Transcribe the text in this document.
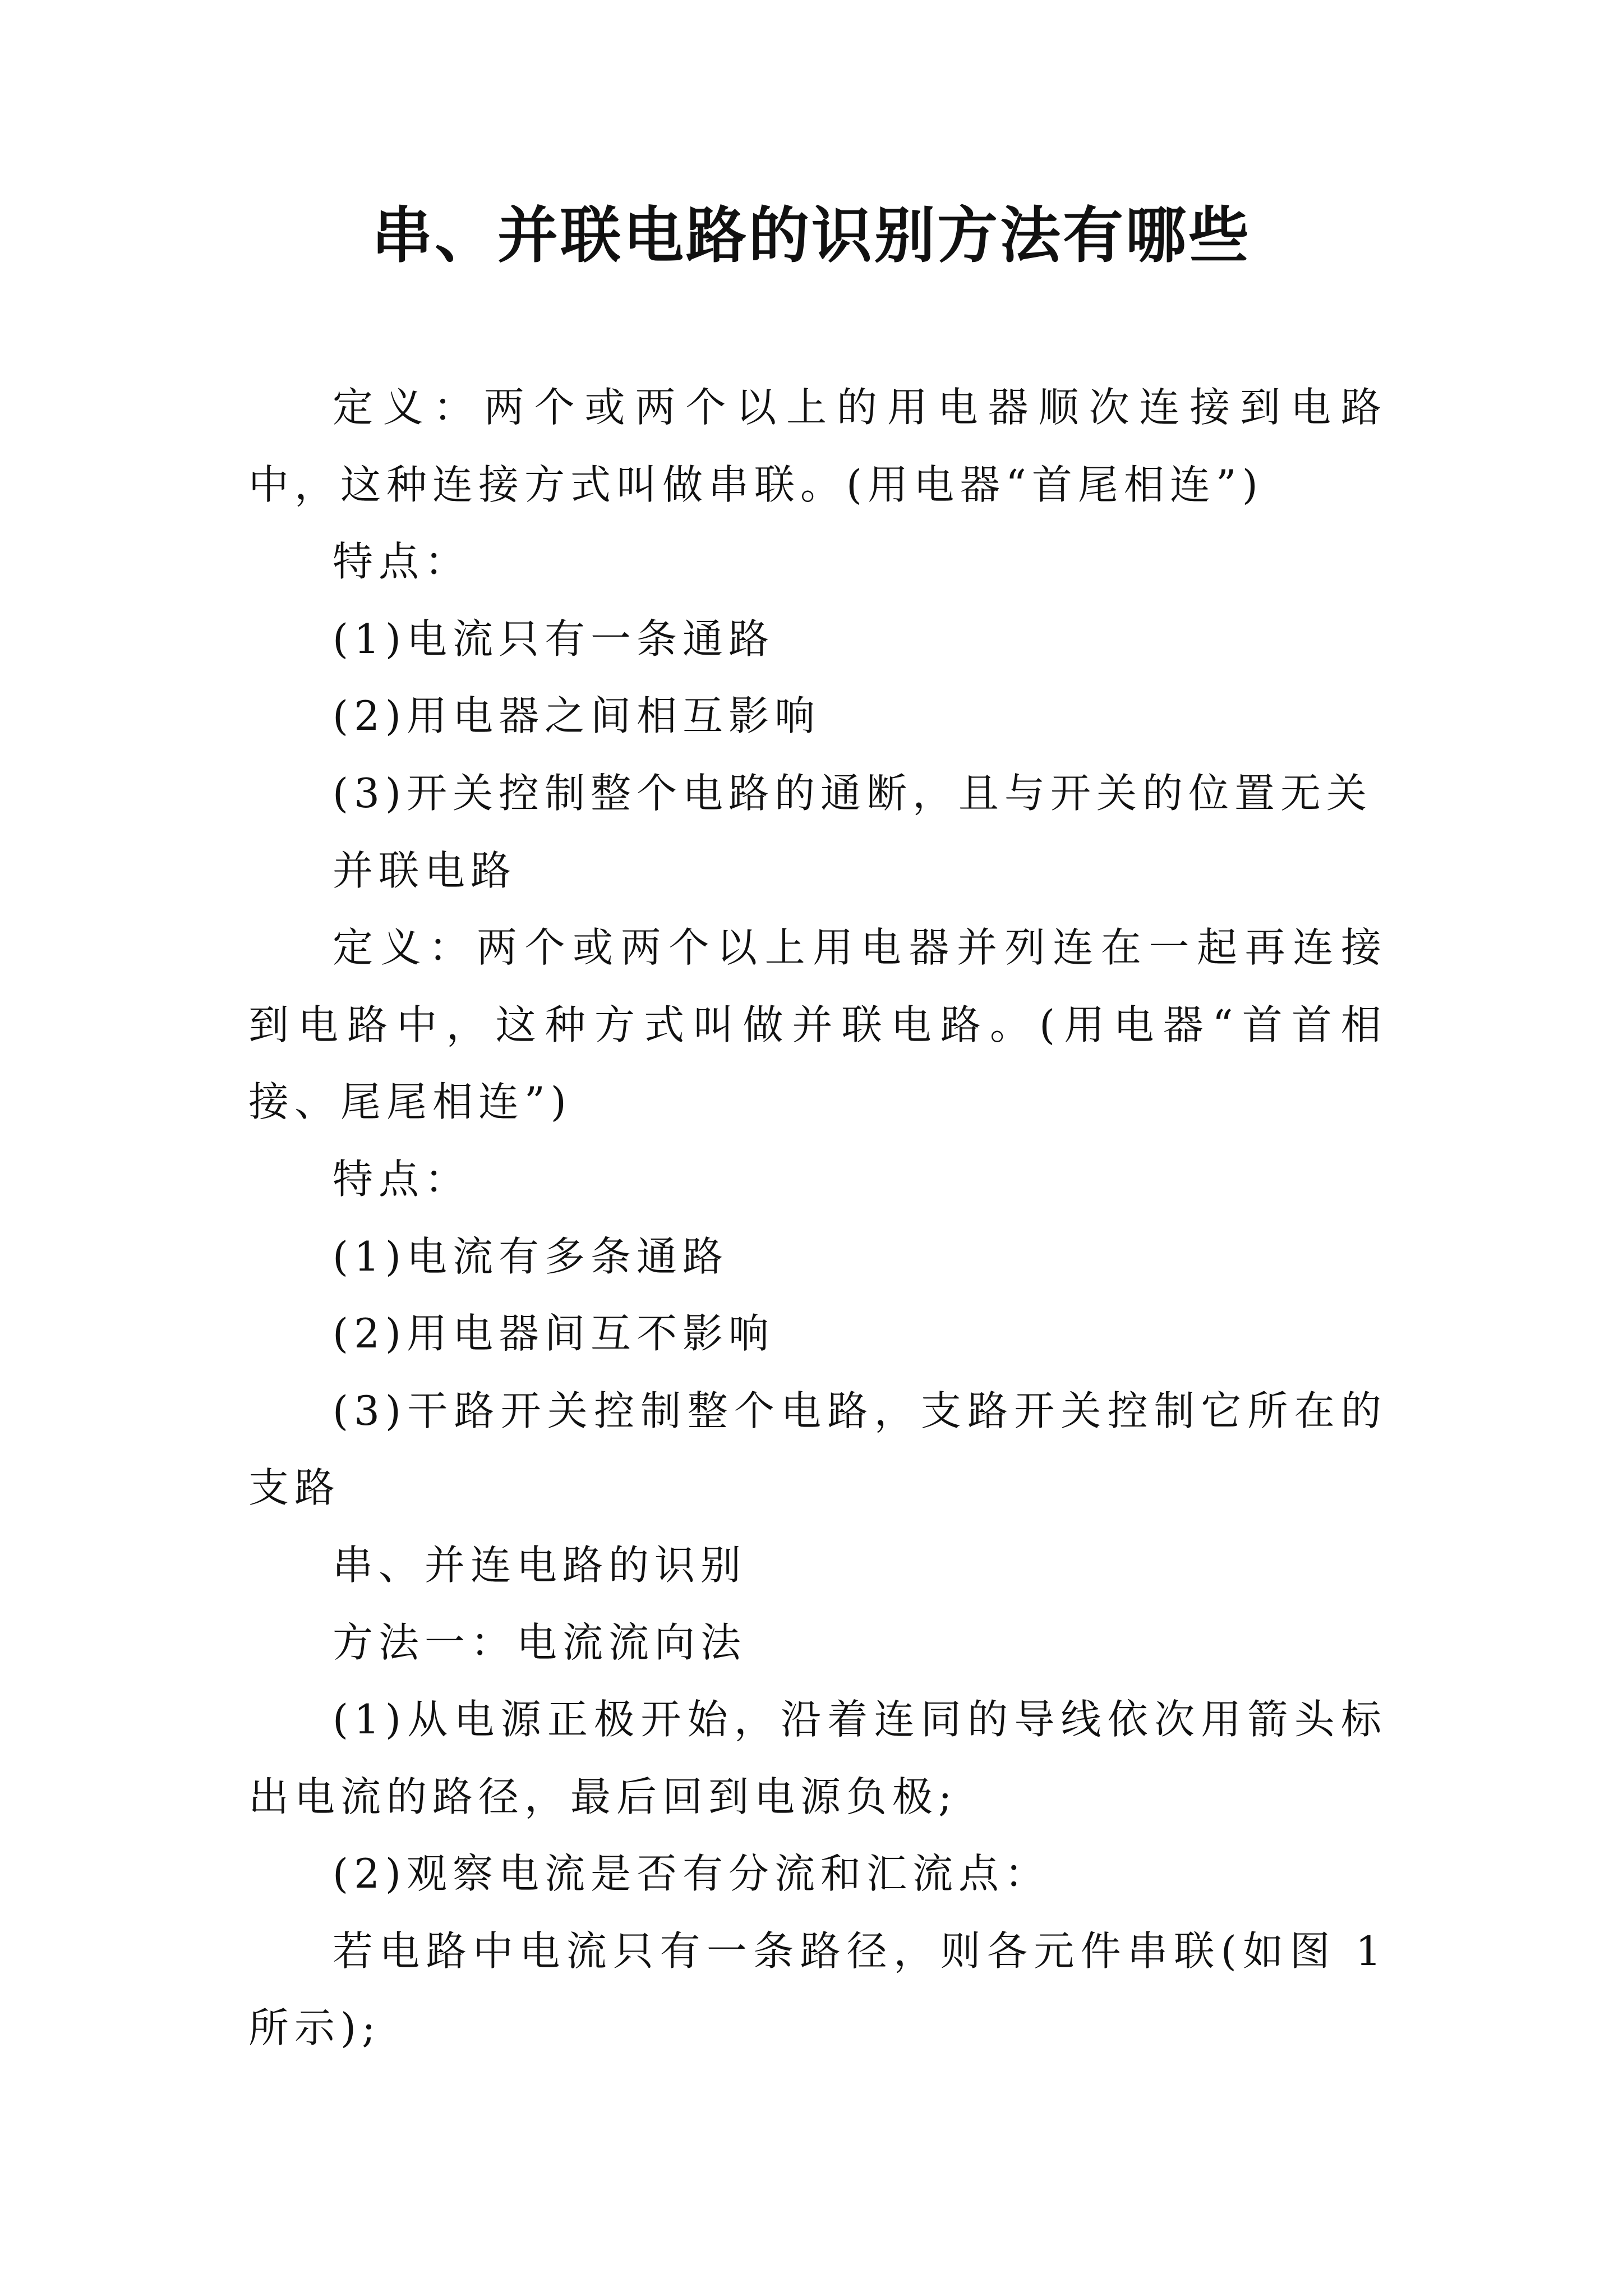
串、并联电路的识别方法有哪些

定义：两个或两个以上的用电器顺次连接到电路中，这种连接方式叫做串联。(用电器“首尾相连”)

特点：

(1)电流只有一条通路

(2)用电器之间相互影响

(3)开关控制整个电路的通断，且与开关的位置无关

并联电路

定义：两个或两个以上用电器并列连在一起再连接到电路中，这种方式叫做并联电路。(用电器“首首相接、尾尾相连”)

特点：

(1)电流有多条通路

(2)用电器间互不影响

(3)干路开关控制整个电路，支路开关控制它所在的支路

串、并连电路的识别

方法一：电流流向法

(1)从电源正极开始，沿着连同的导线依次用箭头标出电流的路径，最后回到电源负极;

(2)观察电流是否有分流和汇流点：

若电路中电流只有一条路径，则各元件串联(如图 1 所示);
